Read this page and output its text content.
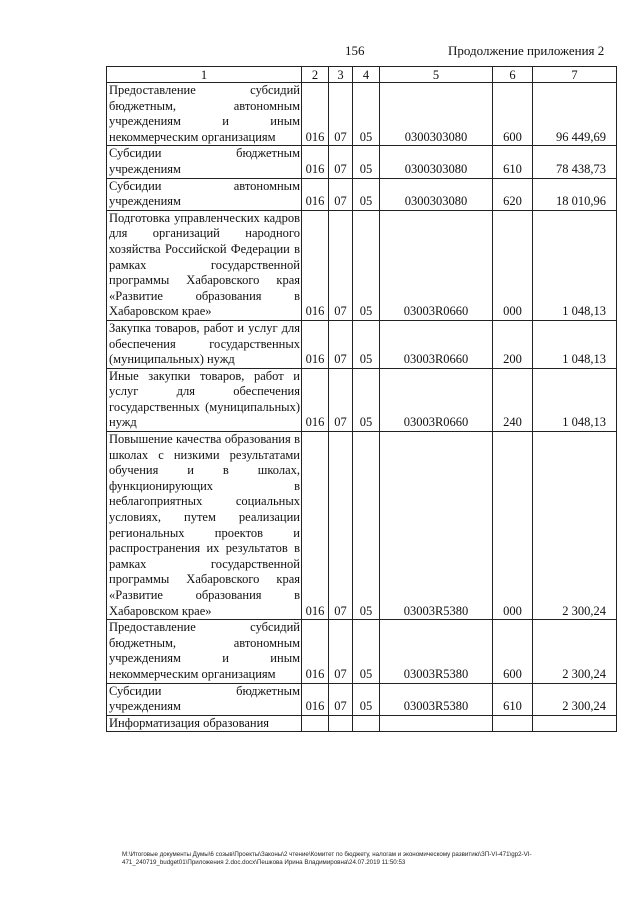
156	Продолжение приложения 2
1	2	3	4	5	6	7
Предоставление субсидий бюджетным, автономным учреждениям и иным некоммерческим организациям	016	07	05	0300303080	600	96 449,69
Субсидии бюджетным учреждениям	016	07	05	0300303080	610	78 438,73
Субсидии автономным учреждениям	016	07	05	0300303080	620	18 010,96
Подготовка управленческих кадров для организаций народного хозяйства Российской Федерации в рамках государственной программы Хабаровского края «Развитие образования в Хабаровском крае»	016	07	05	03003R0660	000	1 048,13
Закупка товаров, работ и услуг для обеспечения государственных (муниципальных) нужд	016	07	05	03003R0660	200	1 048,13
Иные закупки товаров, работ и услуг для обеспечения государственных (муниципальных) нужд	016	07	05	03003R0660	240	1 048,13
Повышение качества образования в школах с низкими результатами обучения и в школах, функционирующих в неблагоприятных социальных условиях, путем реализации региональных проектов и распространения их результатов в рамках государственной программы Хабаровского края «Развитие образования в Хабаровском крае»	016	07	05	03003R5380	000	2 300,24
Предоставление субсидий бюджетным, автономным учреждениям и иным некоммерческим организациям	016	07	05	03003R5380	600	2 300,24
Субсидии бюджетным учреждениям	016	07	05	03003R5380	610	2 300,24
Информатизация образования						
M:\Итоговые документы Думы\6 созыв\Проекты\Законы\2 чтение\Комитет по бюджету, налогам и экономическому развитию\ЗП-VI-471\gp2-VI-471_240719_budget01\Приложения 2.doc.docx\Пешкова Ирина Владимировна\24.07.2019 11:50:53
